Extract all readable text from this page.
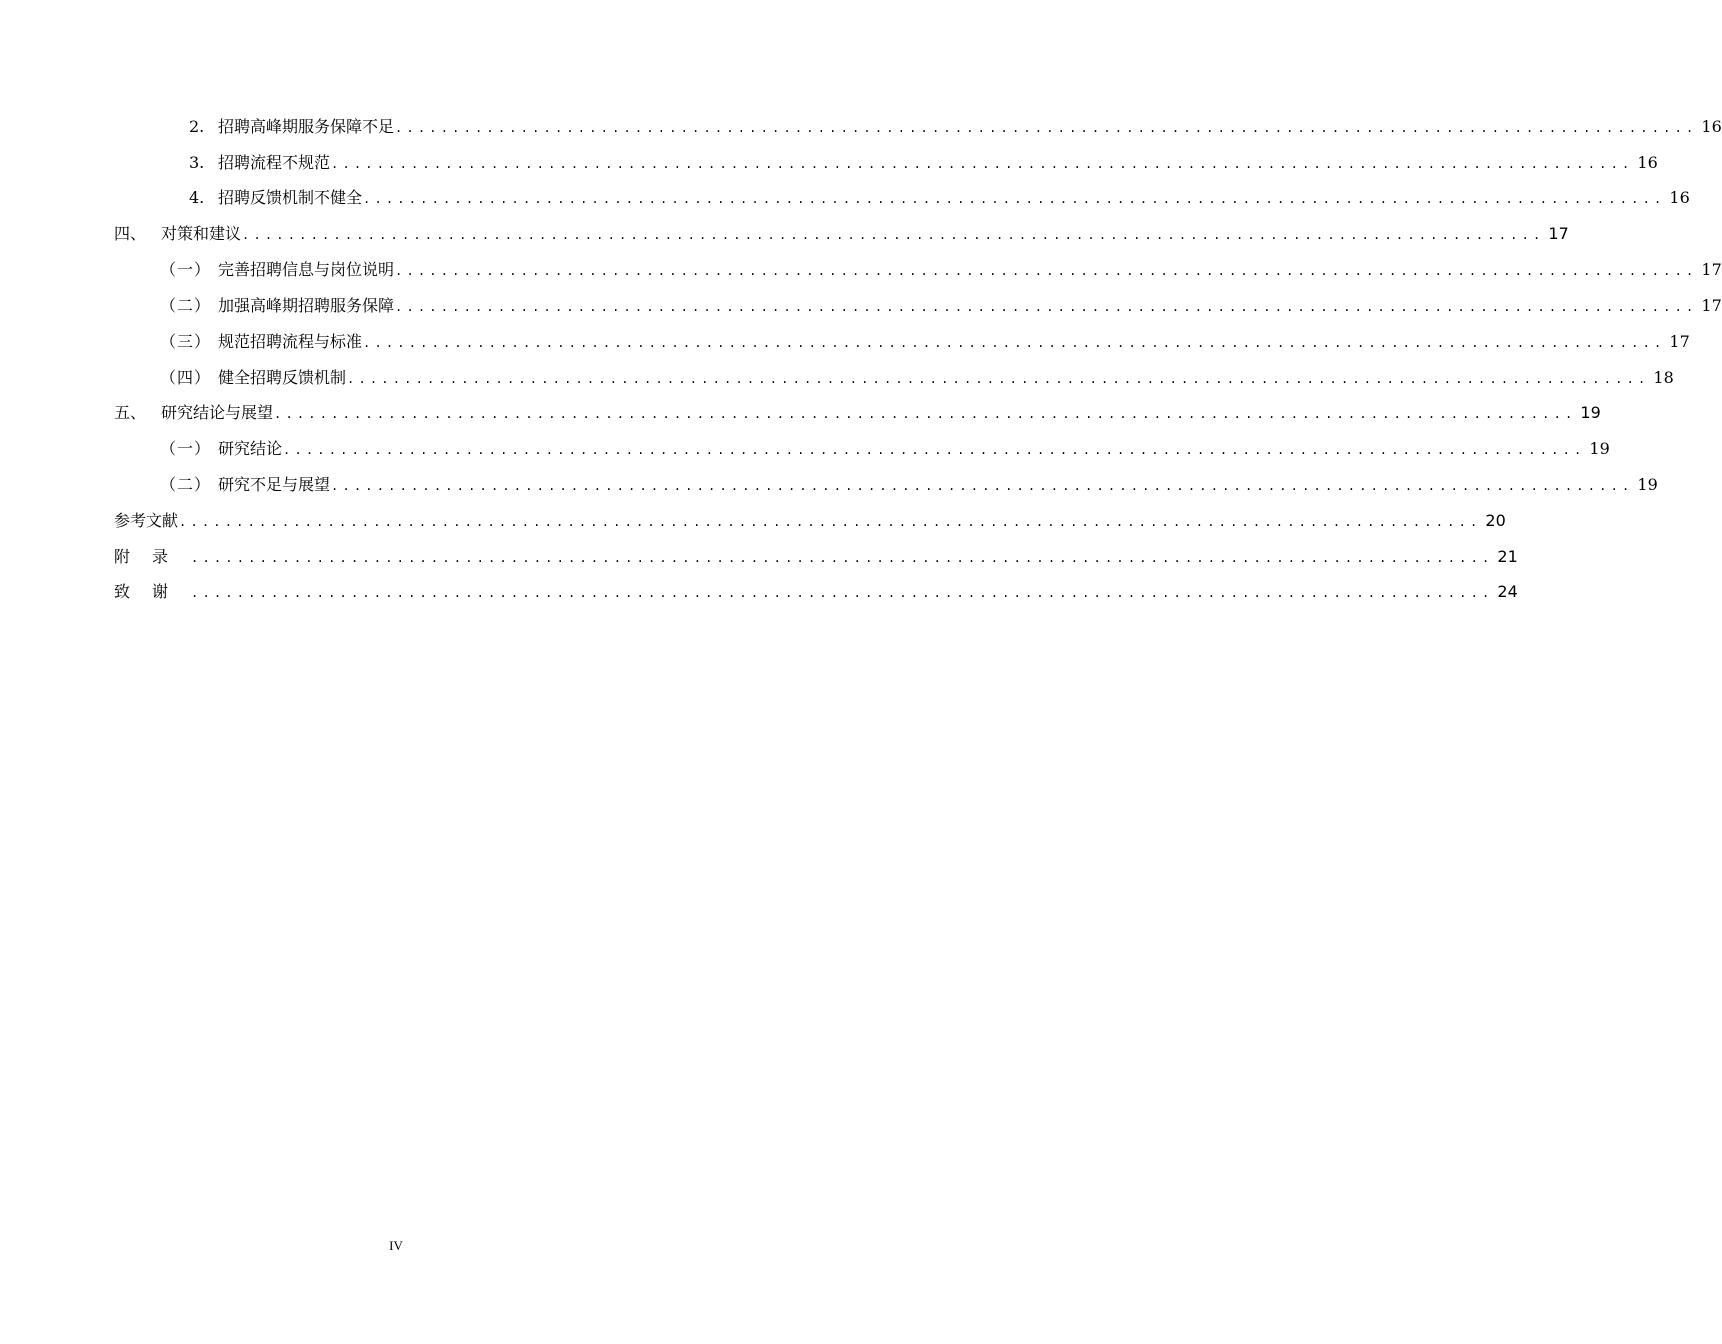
2. 招聘高峰期服务保障不足 .................................................................................................................. 16
3. 招聘流程不规范 .................................................................................................................. 16
4. 招聘反馈机制不健全 .................................................................................................................. 16
四、 对策和建议 .................................................................................................................. 17
（一） 完善招聘信息与岗位说明 .................................................................................................................. 17
（二） 加强高峰期招聘服务保障 .................................................................................................................. 17
（三） 规范招聘流程与标准 .................................................................................................................. 17
（四） 健全招聘反馈机制 .................................................................................................................. 18
五、 研究结论与展望 .................................................................................................................. 19
（一） 研究结论 .................................................................................................................. 19
（二） 研究不足与展望 .................................................................................................................. 19
参考文献 .................................................................................................................. 20
附录 .................................................................................................................. 21
致谢 .................................................................................................................. 24
IV
